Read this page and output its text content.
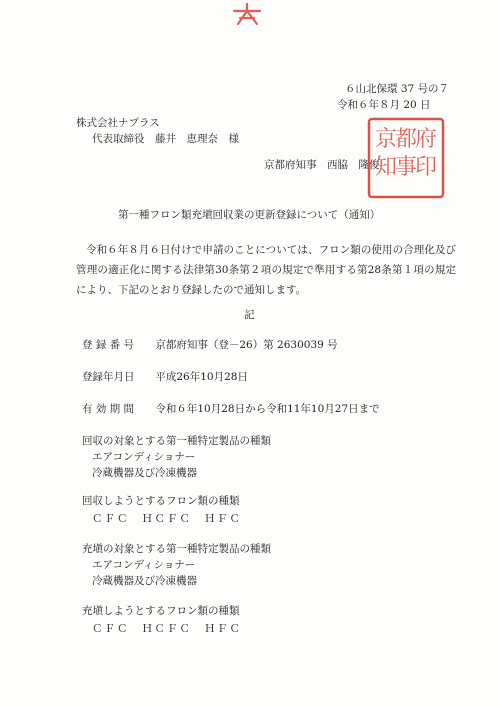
６山北保環 37 号の７
令和６年８月 20 日
株式会社ナプラス
代表取締役　藤井　恵理奈　様
京都府知事　西脇　隆俊
府
印
都
事
京
知
第一種フロン類充塡回収業の更新登録について（通知）
令和６年８月６日付けで申請のことについては、フロン類の使用の合理化及び管理の適正化に関する法律第30条第２項の規定で準用する第28条第１項の規定により、下記のとおり登録したので通知します。
記
登 録 番 号 京都府知事（登－26）第 2630039 号
登録年月日 平成26年10月28日
有 効 期 間 令和６年10月28日から令和11年10月27日まで
回収の対象とする第一種特定製品の種類
エアコンディショナー
冷蔵機器及び冷凍機器
回収しようとするフロン類の種類
ＣＦＣ　ＨＣＦＣ　ＨＦＣ
充塡の対象とする第一種特定製品の種類
エアコンディショナー
冷蔵機器及び冷凍機器
充塡しようとするフロン類の種類
ＣＦＣ　ＨＣＦＣ　ＨＦＣ
